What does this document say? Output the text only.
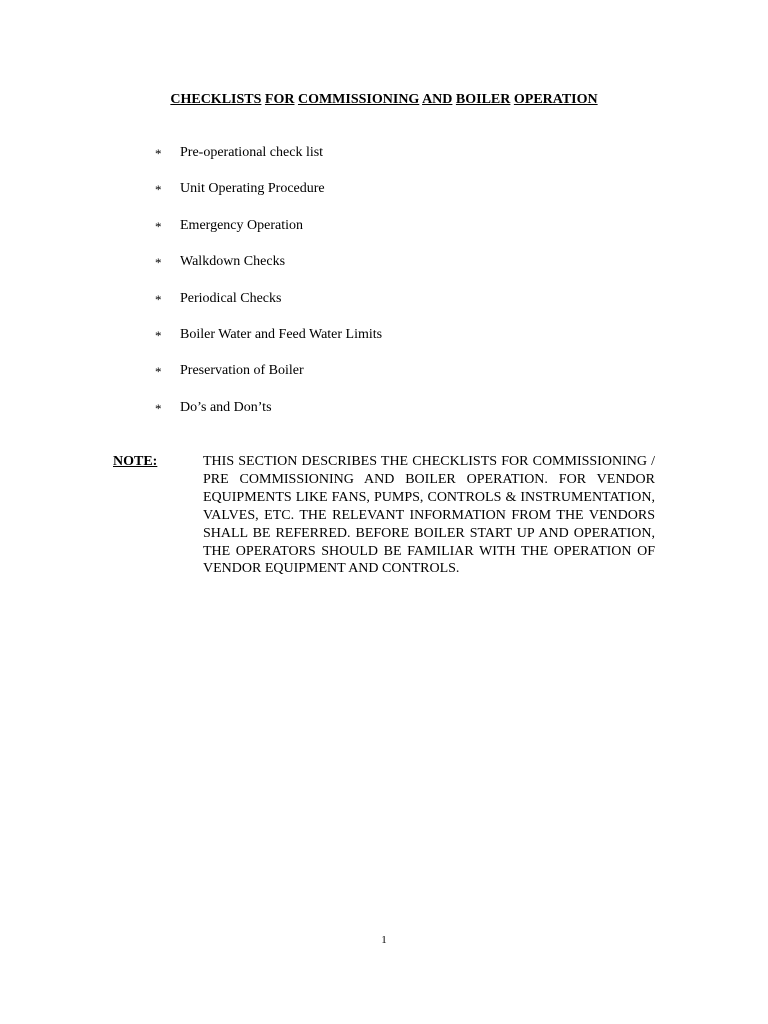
CHECKLISTS FOR COMMISSIONING AND BOILER OPERATION
*	Pre-operational check list
*	Unit Operating Procedure
*	Emergency Operation
*	Walkdown Checks
*	Periodical Checks
*	Boiler Water and Feed Water Limits
*	Preservation of Boiler
*	Do’s and Don’ts
NOTE:	THIS SECTION DESCRIBES THE CHECKLISTS FOR COMMISSIONING / PRE COMMISSIONING AND BOILER OPERATION. FOR VENDOR EQUIPMENTS LIKE FANS, PUMPS, CONTROLS & INSTRUMENTATION, VALVES, ETC. THE RELEVANT INFORMATION FROM THE VENDORS SHALL BE REFERRED. BEFORE BOILER START UP AND OPERATION, THE OPERATORS SHOULD BE FAMILIAR WITH THE OPERATION OF VENDOR EQUIPMENT AND CONTROLS.
1
